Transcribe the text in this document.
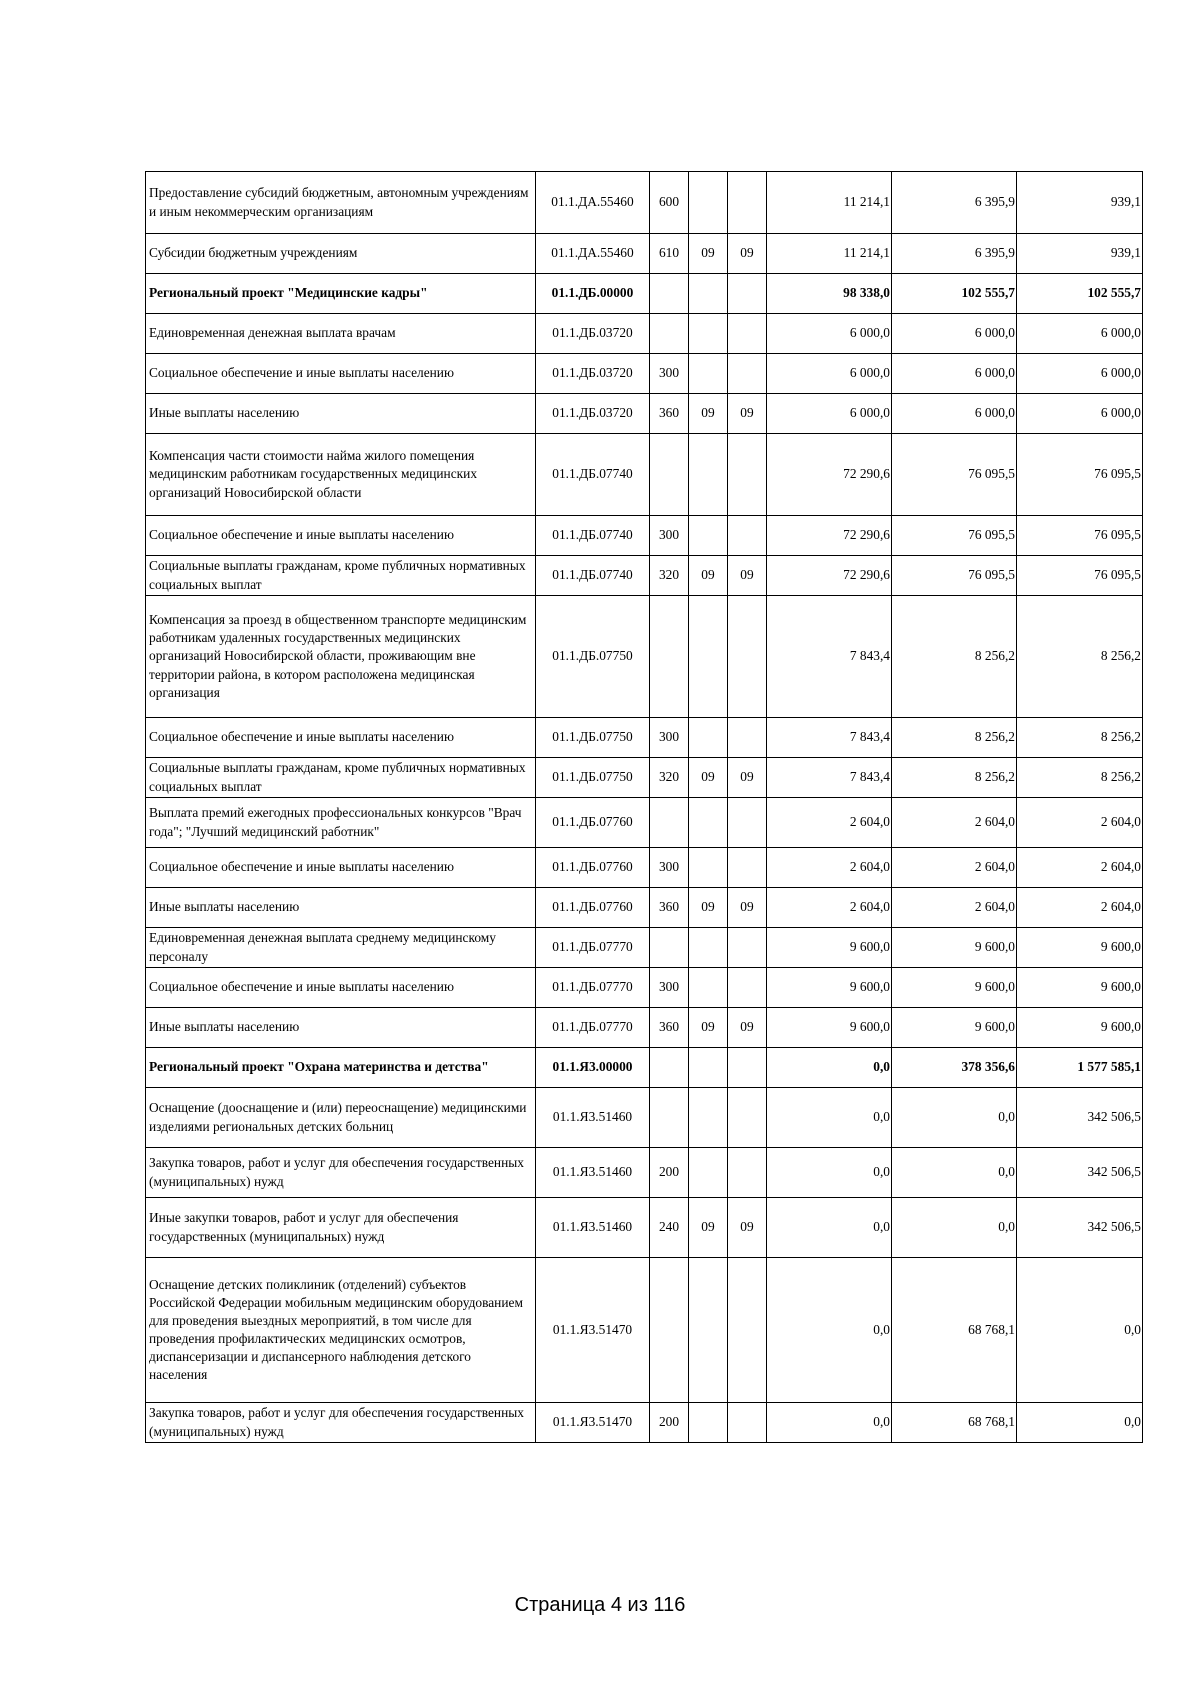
Предоставление субсидий бюджетным, автономным учреждениям и иным некоммерческим организациям	01.1.ДА.55460	600			11 214,1	6 395,9	939,1
Субсидии бюджетным учреждениям	01.1.ДА.55460	610	09	09	11 214,1	6 395,9	939,1
Региональный проект "Медицинские кадры"	01.1.ДБ.00000				98 338,0	102 555,7	102 555,7
Единовременная денежная выплата врачам	01.1.ДБ.03720				6 000,0	6 000,0	6 000,0
Социальное обеспечение и иные выплаты населению	01.1.ДБ.03720	300			6 000,0	6 000,0	6 000,0
Иные выплаты населению	01.1.ДБ.03720	360	09	09	6 000,0	6 000,0	6 000,0
Компенсация части стоимости найма жилого помещения медицинским работникам государственных медицинских организаций Новосибирской области	01.1.ДБ.07740				72 290,6	76 095,5	76 095,5
Социальное обеспечение и иные выплаты населению	01.1.ДБ.07740	300			72 290,6	76 095,5	76 095,5
Социальные выплаты гражданам, кроме публичных нормативных социальных выплат	01.1.ДБ.07740	320	09	09	72 290,6	76 095,5	76 095,5
Компенсация за проезд в общественном транспорте медицинским работникам удаленных государственных медицинских организаций Новосибирской области, проживающим вне территории района, в котором расположена медицинская организация	01.1.ДБ.07750				7 843,4	8 256,2	8 256,2
Социальное обеспечение и иные выплаты населению	01.1.ДБ.07750	300			7 843,4	8 256,2	8 256,2
Социальные выплаты гражданам, кроме публичных нормативных социальных выплат	01.1.ДБ.07750	320	09	09	7 843,4	8 256,2	8 256,2
Выплата премий ежегодных профессиональных конкурсов "Врач года"; "Лучший медицинский работник"	01.1.ДБ.07760				2 604,0	2 604,0	2 604,0
Социальное обеспечение и иные выплаты населению	01.1.ДБ.07760	300			2 604,0	2 604,0	2 604,0
Иные выплаты населению	01.1.ДБ.07760	360	09	09	2 604,0	2 604,0	2 604,0
Единовременная денежная выплата среднему медицинскому персоналу	01.1.ДБ.07770				9 600,0	9 600,0	9 600,0
Социальное обеспечение и иные выплаты населению	01.1.ДБ.07770	300			9 600,0	9 600,0	9 600,0
Иные выплаты населению	01.1.ДБ.07770	360	09	09	9 600,0	9 600,0	9 600,0
Региональный проект "Охрана материнства и детства"	01.1.Я3.00000				0,0	378 356,6	1 577 585,1
Оснащение (дооснащение и (или) переоснащение) медицинскими изделиями региональных детских больниц	01.1.Я3.51460				0,0	0,0	342 506,5
Закупка товаров, работ и услуг для обеспечения государственных (муниципальных) нужд	01.1.Я3.51460	200			0,0	0,0	342 506,5
Иные закупки товаров, работ и услуг для обеспечения государственных (муниципальных) нужд	01.1.Я3.51460	240	09	09	0,0	0,0	342 506,5
Оснащение детских поликлиник (отделений) субъектов Российской Федерации мобильным медицинским оборудованием для проведения выездных мероприятий, в том числе для проведения профилактических медицинских осмотров, диспансеризации и диспансерного наблюдения детского населения	01.1.Я3.51470				0,0	68 768,1	0,0
Закупка товаров, работ и услуг для обеспечения государственных (муниципальных) нужд	01.1.Я3.51470	200			0,0	68 768,1	0,0
Страница 4 из 116
